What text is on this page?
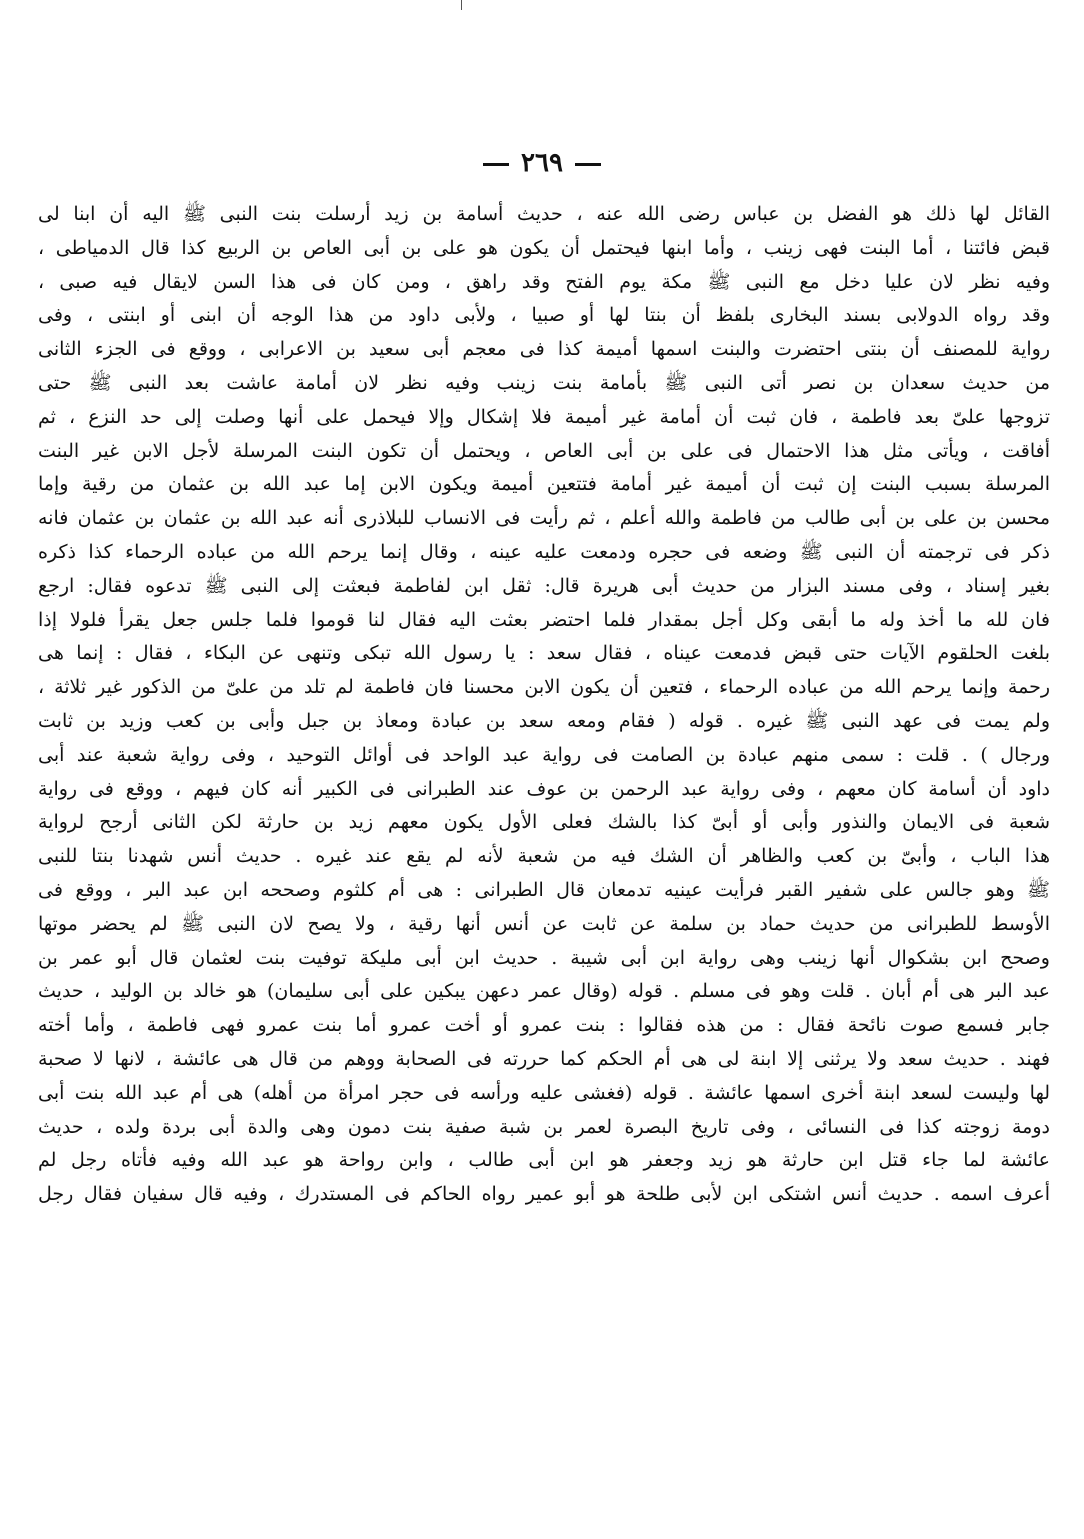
٢٦٩
القائل لها ذلك هو الفضل بن عباس رضى الله عنه ، حديث أسامة بن زيد أرسلت بنت النبى ﷺ اليه أن ابنا لى
قبض فائتنا ، أما البنت فهى زينب ، وأما ابنها فيحتمل أن يكون هو على بن أبى العاص بن الربيع كذا قال الدمياطى ،
وفيه نظر لان عليا دخل مع النبى ﷺ مكة يوم الفتح وقد راهق ، ومن كان فى هذا السن لايقال فيه صبى ،
وقد رواه الدولابى بسند البخارى بلفظ أن بنتا لها أو صبيا ، ولأبى داود من هذا الوجه أن ابنى أو ابنتى ، وفى
رواية للمصنف أن بنتى احتضرت والبنت اسمها أميمة كذا فى معجم أبى سعيد بن الاعرابى ، ووقع فى الجزء الثانى
من حديث سعدان بن نصر أتى النبى ﷺ بأمامة بنت زينب وفيه نظر لان أمامة عاشت بعد النبى ﷺ حتى
تزوجها علىّ بعد فاطمة ، فان ثبت أن أمامة غير أميمة فلا إشكال وإلا فيحمل على أنها وصلت إلى حد النزع ، ثم
أفاقت ، ويأتى مثل هذا الاحتمال فى على بن أبى العاص ، ويحتمل أن تكون البنت المرسلة لأجل الابن غير البنت
المرسلة بسبب البنت إن ثبت أن أميمة غير أمامة فتتعين أميمة ويكون الابن إما عبد الله بن عثمان من رقية وإما
محسن بن على بن أبى طالب من فاطمة والله أعلم ، ثم رأيت فى الانساب للبلاذرى أنه عبد الله بن عثمان بن عثمان فانه
ذكر فى ترجمته أن النبى ﷺ وضعه فى حجره ودمعت عليه عينه ، وقال إنما يرحم الله من عباده الرحماء كذا ذكره
بغير إسناد ، وفى مسند البزار من حديث أبى هريرة قال: ثقل ابن لفاطمة فبعثت إلى النبى ﷺ تدعوه فقال: ارجع
فان لله ما أخذ وله ما أبقى وكل أجل بمقدار فلما احتضر بعثت اليه فقال لنا قوموا فلما جلس جعل يقرأ فلولا إذا
بلغت الحلقوم الآيات حتى قبض فدمعت عيناه ، فقال سعد : يا رسول الله تبكى وتنهى عن البكاء ، فقال : إنما هى
رحمة وإنما يرحم الله من عباده الرحماء ، فتعين أن يكون الابن محسنا فان فاطمة لم تلد من علىّ من الذكور غير ثلاثة ،
ولم يمت فى عهد النبى ﷺ غيره . قوله ( فقام ومعه سعد بن عبادة ومعاذ بن جبل وأبى بن كعب وزيد بن ثابت
ورجال ) . قلت : سمى منهم عبادة بن الصامت فى رواية عبد الواحد فى أوائل التوحيد ، وفى رواية شعبة عند أبى
داود أن أسامة كان معهم ، وفى رواية عبد الرحمن بن عوف عند الطبرانى فى الكبير أنه كان فيهم ، ووقع فى رواية
شعبة فى الايمان والنذور وأبى أو أبىّ كذا بالشك فعلى الأول يكون معهم زيد بن حارثة لكن الثانى أرجح لرواية
هذا الباب ، وأبىّ بن كعب والظاهر أن الشك فيه من شعبة لأنه لم يقع عند غيره . حديث أنس شهدنا بنتا للنبى
ﷺ وهو جالس على شفير القبر فرأيت عينيه تدمعان قال الطبرانى : هى أم كلثوم وصححه ابن عبد البر ، ووقع فى
الأوسط للطبرانى من حديث حماد بن سلمة عن ثابت عن أنس أنها رقية ، ولا يصح لان النبى ﷺ لم يحضر موتها
وصحح ابن بشكوال أنها زينب وهى رواية ابن أبى شيبة . حديث ابن أبى مليكة توفيت بنت لعثمان قال أبو عمر بن
عبد البر هى أم أبان . قلت وهو فى مسلم . قوله (وقال عمر دعهن يبكين على أبى سليمان) هو خالد بن الوليد ، حديث
جابر فسمع صوت نائحة فقال : من هذه فقالوا : بنت عمرو أو أخت عمرو أما بنت عمرو فهى فاطمة ، وأما أخته
فهند . حديث سعد ولا يرثنى إلا ابنة لى هى أم الحكم كما حررته فى الصحابة ووهم من قال هى عائشة ، لانها لا صحبة
لها وليست لسعد ابنة أخرى اسمها عائشة . قوله (فغشى عليه ورأسه فى حجر امرأة من أهله) هى أم عبد الله بنت أبى
دومة زوجته كذا فى النسائى ، وفى تاريخ البصرة لعمر بن شبة صفية بنت دمون وهى والدة أبى بردة ولده ، حديث
عائشة لما جاء قتل ابن حارثة هو زيد وجعفر هو ابن أبى طالب ، وابن رواحة هو عبد الله وفيه فأتاه رجل لم
أعرف اسمه . حديث أنس اشتكى ابن لأبى طلحة هو أبو عمير رواه الحاكم فى المستدرك ، وفيه قال سفيان فقال رجل
